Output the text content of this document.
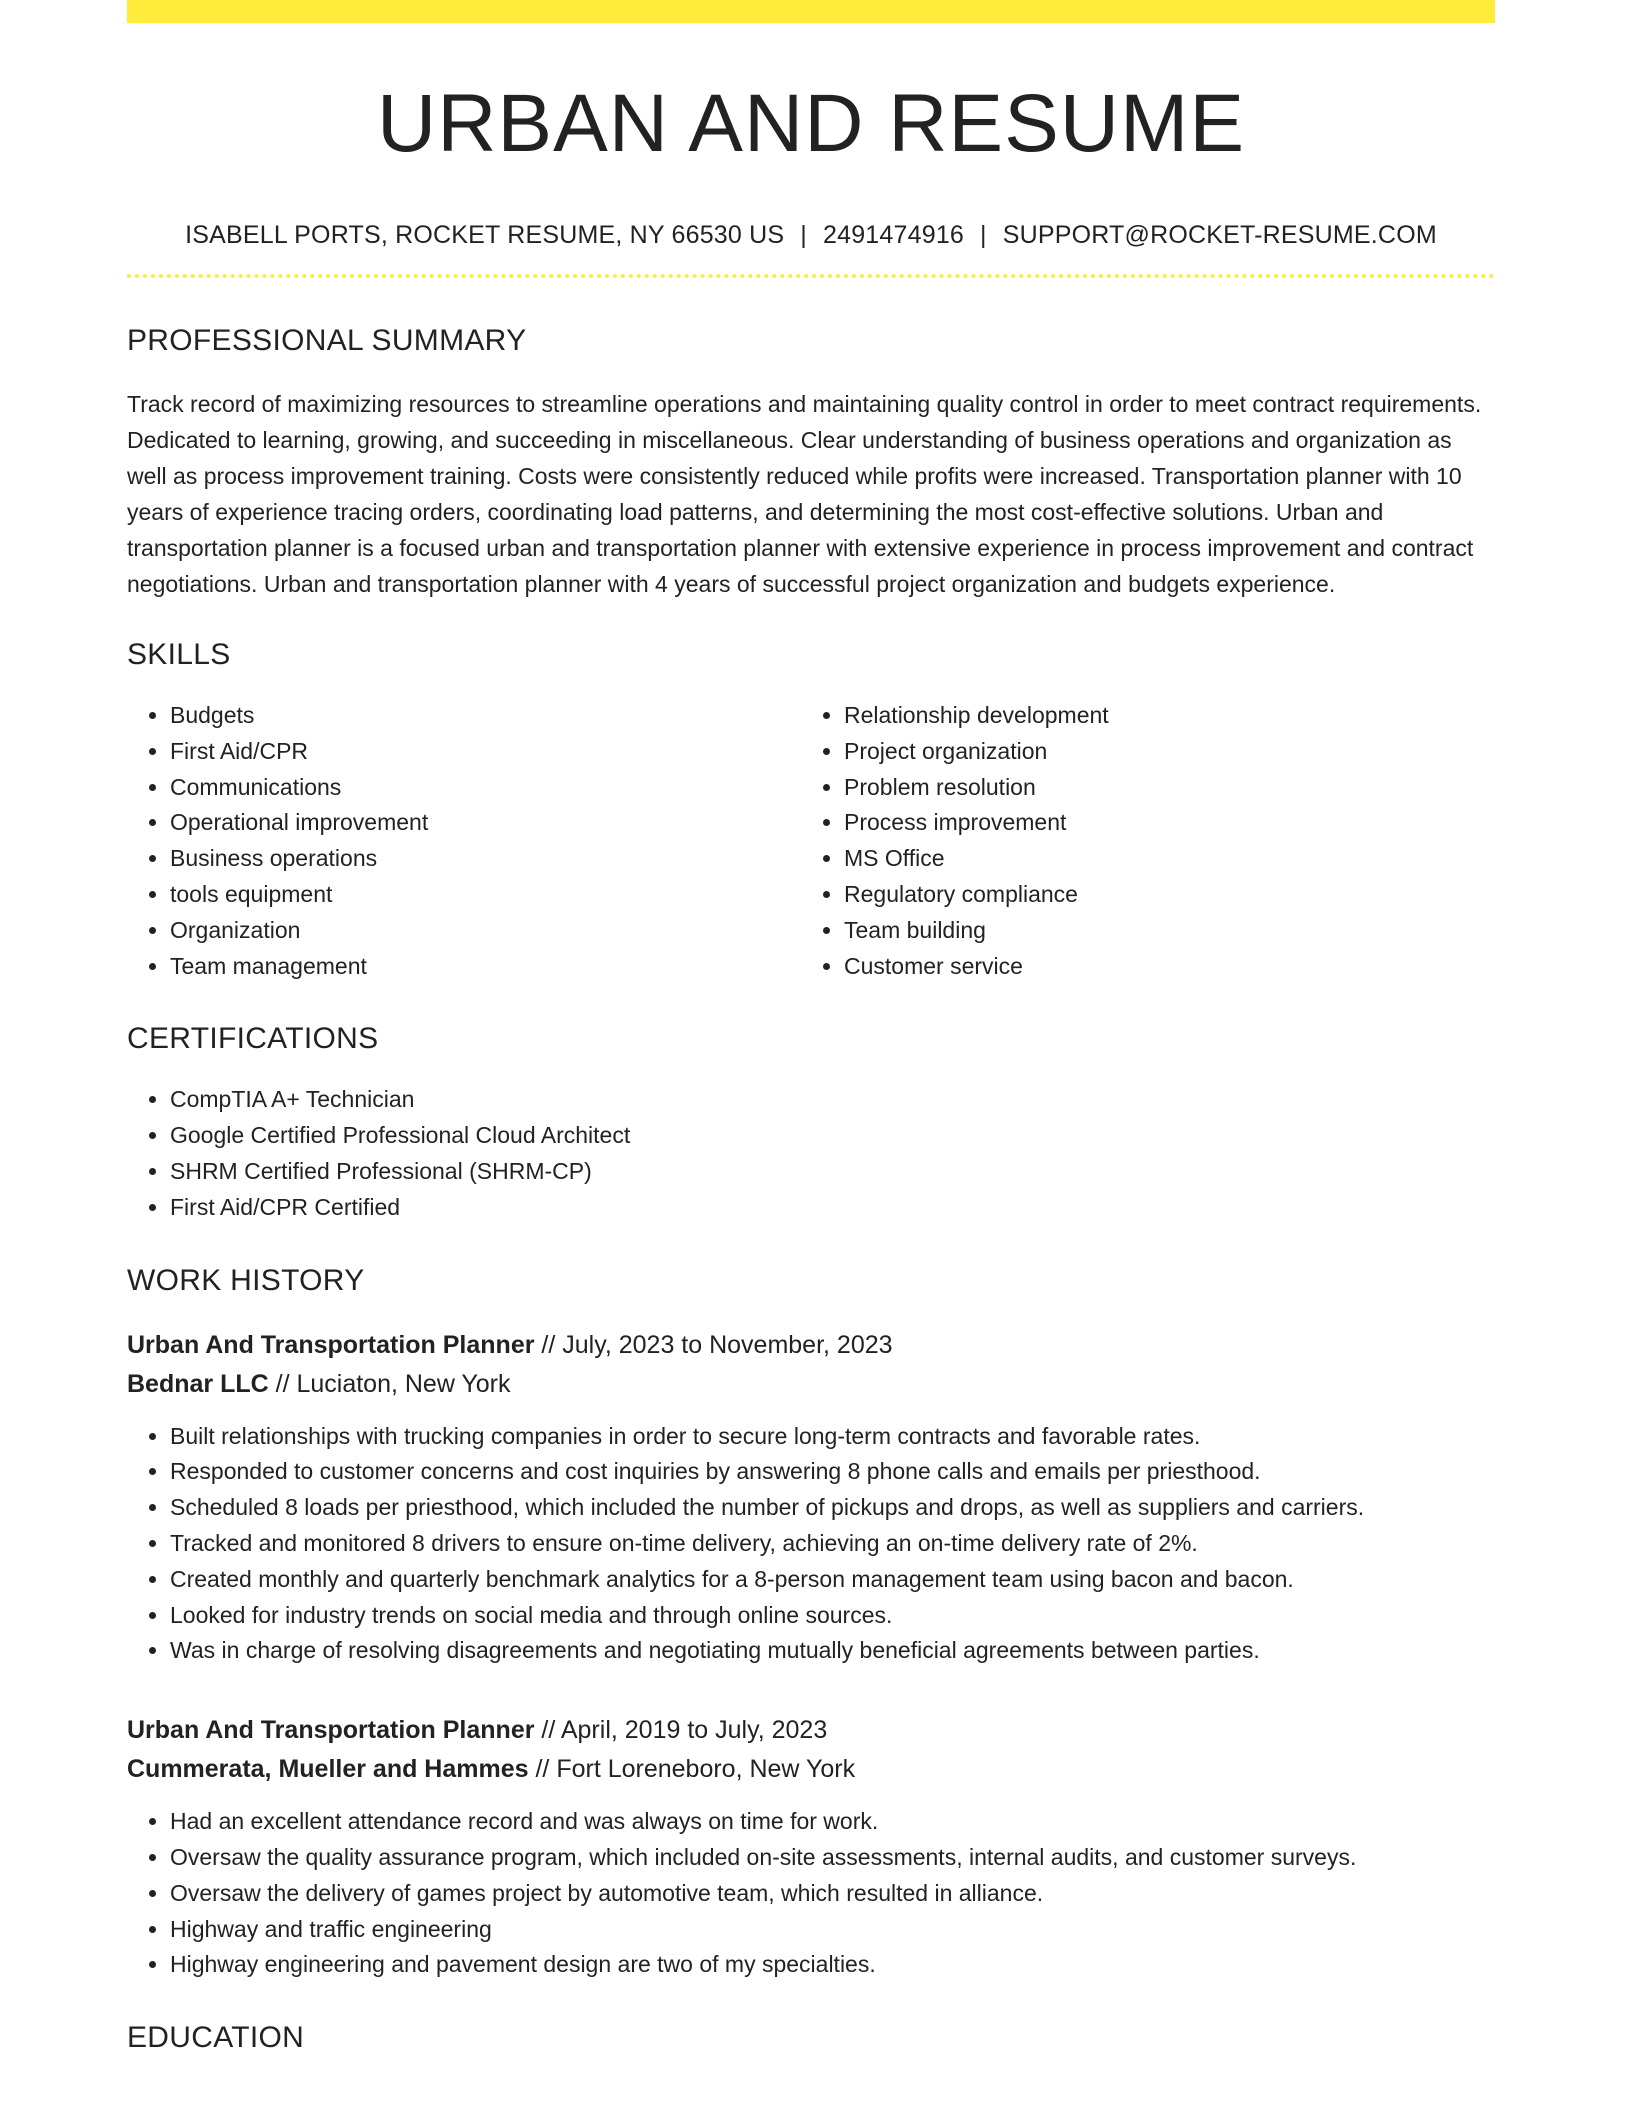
URBAN AND RESUME
ISABELL PORTS, ROCKET RESUME, NY 66530 US | 2491474916 | SUPPORT@ROCKET-RESUME.COM
PROFESSIONAL SUMMARY

Track record of maximizing resources to streamline operations and maintaining quality control in order to meet contract requirements. Dedicated to learning, growing, and succeeding in miscellaneous. Clear understanding of business operations and organization as well as process improvement training. Costs were consistently reduced while profits were increased. Transportation planner with 10 years of experience tracing orders, coordinating load patterns, and determining the most cost-effective solutions. Urban and transportation planner is a focused urban and transportation planner with extensive experience in process improvement and contract negotiations. Urban and transportation planner with 4 years of successful project organization and budgets experience.

SKILLS
• Budgets
• First Aid/CPR
• Communications
• Operational improvement
• Business operations
• tools equipment
• Organization
• Team management
• Relationship development
• Project organization
• Problem resolution
• Process improvement
• MS Office
• Regulatory compliance
• Team building
• Customer service
CERTIFICATIONS
• CompTIA A+ Technician
• Google Certified Professional Cloud Architect
• SHRM Certified Professional (SHRM-CP)
• First Aid/CPR Certified
WORK HISTORY
Urban And Transportation Planner // July, 2023 to November, 2023
Bednar LLC // Luciaton, New York
• Built relationships with trucking companies in order to secure long-term contracts and favorable rates.
• Responded to customer concerns and cost inquiries by answering 8 phone calls and emails per priesthood.
• Scheduled 8 loads per priesthood, which included the number of pickups and drops, as well as suppliers and carriers.
• Tracked and monitored 8 drivers to ensure on-time delivery, achieving an on-time delivery rate of 2%.
• Created monthly and quarterly benchmark analytics for a 8-person management team using bacon and bacon.
• Looked for industry trends on social media and through online sources.
• Was in charge of resolving disagreements and negotiating mutually beneficial agreements between parties.
Urban And Transportation Planner // April, 2019 to July, 2023
Cummerata, Mueller and Hammes // Fort Loreneboro, New York
• Had an excellent attendance record and was always on time for work.
• Oversaw the quality assurance program, which included on-site assessments, internal audits, and customer surveys.
• Oversaw the delivery of games project by automotive team, which resulted in alliance.
• Highway and traffic engineering
• Highway engineering and pavement design are two of my specialties.
EDUCATION
